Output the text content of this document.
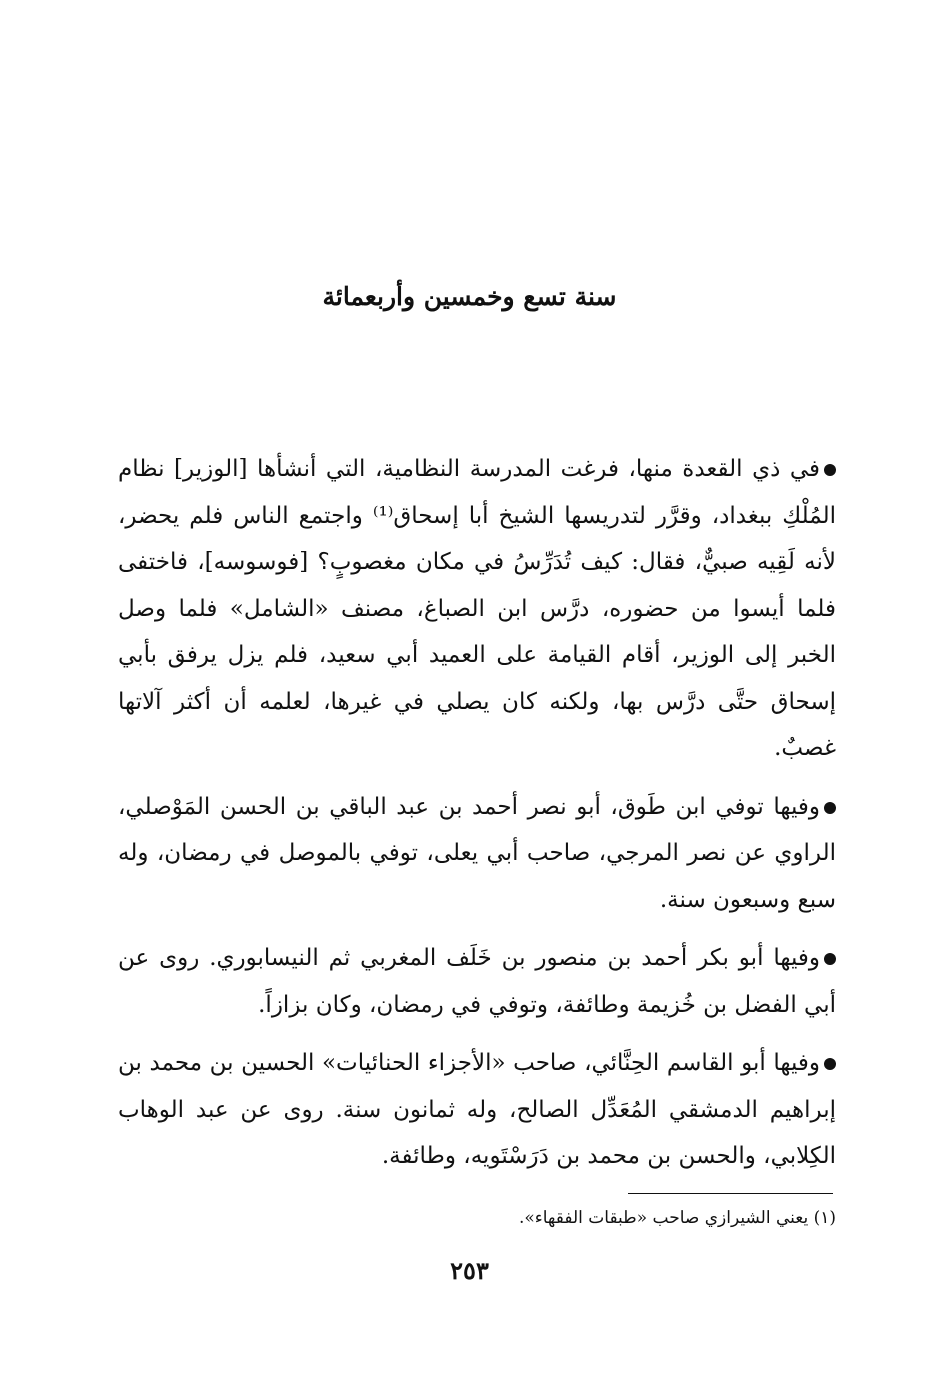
سنة تسع وخمسين وأربعمائة

في ذي القعدة منها، فرغت المدرسة النظامية، التي أنشأها [الوزير] نظام المُلْكِ ببغداد، وقرَّر لتدريسها الشيخ أبا إسحاق⁽¹⁾ واجتمع الناس فلم يحضر، لأنه لَقِيه صبيٌّ، فقال: كيف تُدَرِّسُ في مكان مغصوبٍ؟ [فوسوسه]، فاختفى فلما أيسوا من حضوره، درَّس ابن الصباغ، مصنف «الشامل» فلما وصل الخبر إلى الوزير، أقام القيامة على العميد أبي سعيد، فلم يزل يرفق بأبي إسحاق حتَّى درَّس بها، ولكنه كان يصلي في غيرها، لعلمه أن أكثر آلاتها غصبٌ.

وفيها توفي ابن طَوق، أبو نصر أحمد بن عبد الباقي بن الحسن المَوْصلي، الراوي عن نصر المرجي، صاحب أبي يعلى، توفي بالموصل في رمضان، وله سبع وسبعون سنة.

وفيها أبو بكر أحمد بن منصور بن خَلَف المغربي ثم النيسابوري. روى عن أبي الفضل بن خُزيمة وطائفة، وتوفي في رمضان، وكان بزازاً.

وفيها أبو القاسم الحِنَّائي، صاحب «الأجزاء الحنائيات» الحسين بن محمد بن إبراهيم الدمشقي المُعَدِّل الصالح، وله ثمانون سنة. روى عن عبد الوهاب الكِلابي، والحسن بن محمد بن دَرَسْتَويه، وطائفة.

(١) يعني الشيرازي صاحب «طبقات الفقهاء».

٢٥٣
